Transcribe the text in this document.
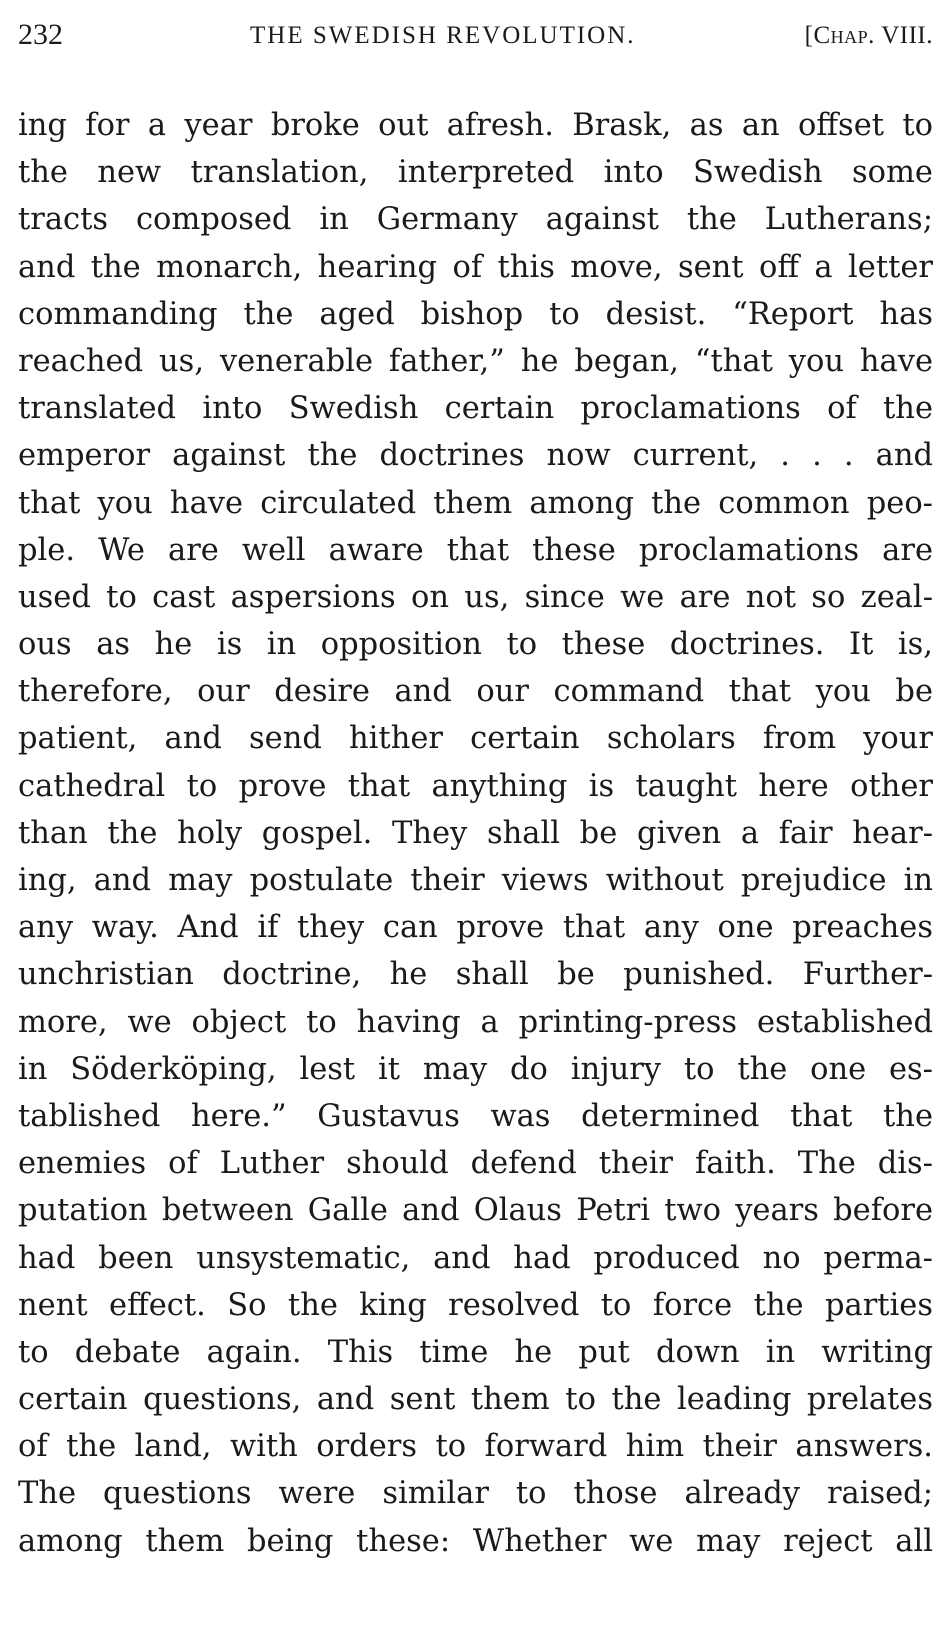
232	THE SWEDISH REVOLUTION.	[Chap. VIII.
ing for a year broke out afresh. Brask, as an offset to
the new translation, interpreted into Swedish some
tracts composed in Germany against the Lutherans;
and the monarch, hearing of this move, sent off a letter
commanding the aged bishop to desist. “Report has
reached us, venerable father,” he began, “that you have
translated into Swedish certain proclamations of the
emperor against the doctrines now current, . . . and
that you have circulated them among the common peo-
ple. We are well aware that these proclamations are
used to cast aspersions on us, since we are not so zeal-
ous as he is in opposition to these doctrines. It is,
therefore, our desire and our command that you be
patient, and send hither certain scholars from your
cathedral to prove that anything is taught here other
than the holy gospel. They shall be given a fair hear-
ing, and may postulate their views without prejudice in
any way. And if they can prove that any one preaches
unchristian doctrine, he shall be punished. Further-
more, we object to having a printing-press established
in Söderköping, lest it may do injury to the one es-
tablished here.” Gustavus was determined that the
enemies of Luther should defend their faith. The dis-
putation between Galle and Olaus Petri two years before
had been unsystematic, and had produced no perma-
nent effect. So the king resolved to force the parties
to debate again. This time he put down in writing
certain questions, and sent them to the leading prelates
of the land, with orders to forward him their answers.
The questions were similar to those already raised;
among them being these: Whether we may reject all
